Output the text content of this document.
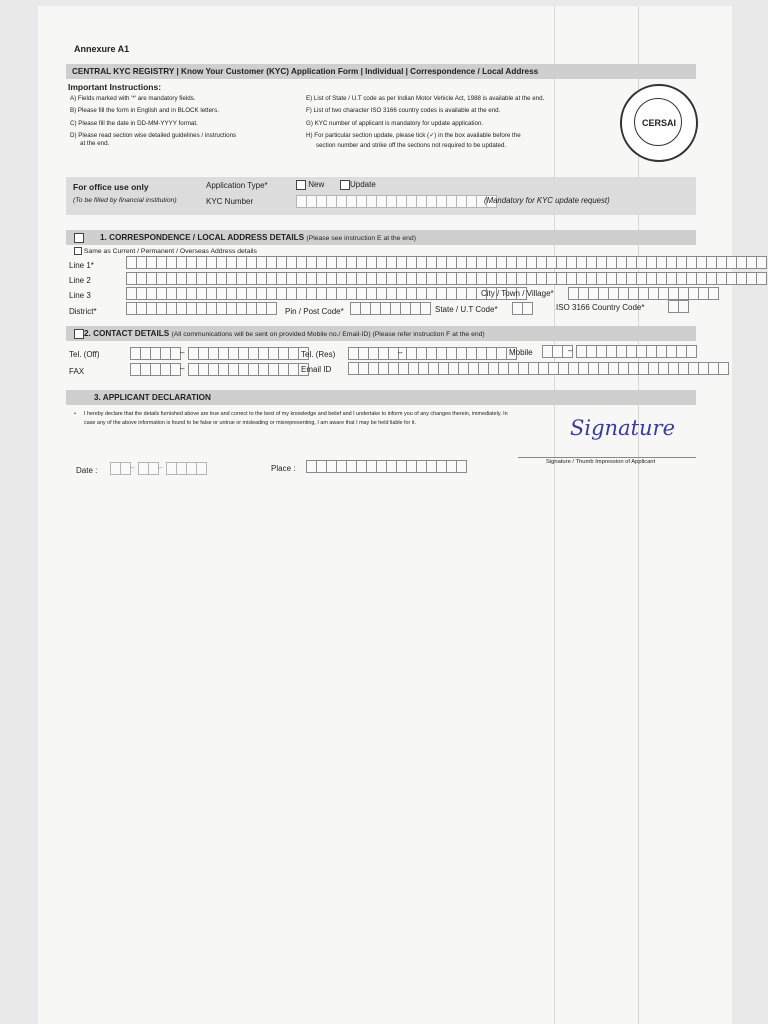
Annexure A1
CENTRAL KYC REGISTRY | Know Your Customer (KYC) Application Form | Individual | Correspondence / Local Address
Important Instructions:
A) Fields marked with '*' are mandatory fields.
B) Please fill the form in English and in BLOCK letters.
C) Please fill the date in DD-MM-YYYY format.
D) Please read section wise detailed guidelines / instructions
at the end.
E) List of State / U.T code as per Indian Motor Vehicle Act, 1988 is available at the end.
F) List of two character ISO 3166 country codes is available at the end.
G) KYC number of applicant is mandatory for update application.
H) For particular section update, please tick (✓) in the box available before the
section number and strike off the sections not required to be updated.
CERSAI
For office use only
(To be filled by financial institution)
Application Type*	New	Update
KYC Number	(Mandatory for KYC update request)
1. CORRESPONDENCE / LOCAL ADDRESS DETAILS (Please see instruction E at the end)
Same as Current / Permanent / Overseas Address details
Line 1*
Line 2
Line 3	City / Town / Village*
District*	Pin / Post Code*	State / U.T Code*	ISO 3166 Country Code*
2. CONTACT DETAILS (All communications will be sent on provided Mobile no./ Email-ID) (Please refer instruction F at the end)
Tel. (Off)	–	Tel. (Res)	–	Mobile	–
FAX	–	Email ID
3. APPLICANT DECLARATION
• I hereby declare that the details furnished above are true and correct to the best of my knowledge and belief and I undertake to inform you of any changes therein, immediately. In case any of the above information is found to be false or untrue or misleading or misrepresenting, I am aware that I may be held liable for it.	Signature
Signature / Thumb Impression of Applicant
Date :	–	–	Place :
